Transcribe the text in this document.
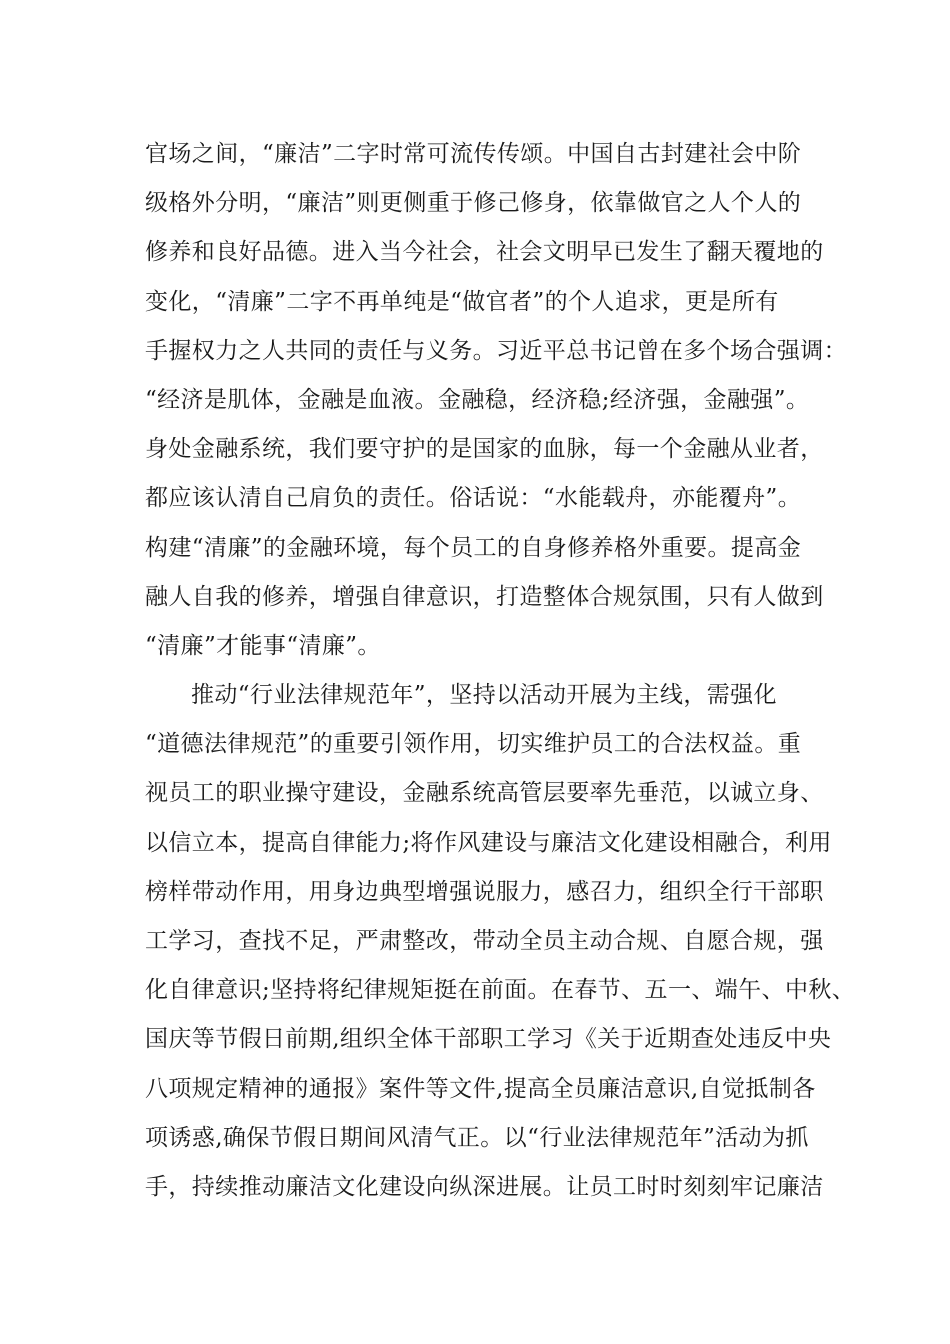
官场之间，“廉洁”二字时常可流传传颂。中国自古封建社会中阶
级格外分明，“廉洁”则更侧重于修己修身，依靠做官之人个人的
修养和良好品德。进入当今社会，社会文明早已发生了翻天覆地的
变化，“清廉”二字不再单纯是“做官者”的个人追求，更是所有
手握权力之人共同的责任与义务。习近平总书记曾在多个场合强调：
“经济是肌体，金融是血液。金融稳，经济稳;经济强，金融强”。
身处金融系统，我们要守护的是国家的血脉，每一个金融从业者，
都应该认清自己肩负的责任。俗话说：“水能载舟，亦能覆舟”。
构建“清廉”的金融环境，每个员工的自身修养格外重要。提高金
融人自我的修养，增强自律意识，打造整体合规氛围，只有人做到
“清廉”才能事“清廉”。
推动“行业法律规范年”，坚持以活动开展为主线，需强化
“道德法律规范”的重要引领作用，切实维护员工的合法权益。重
视员工的职业操守建设，金融系统高管层要率先垂范，以诚立身、
以信立本，提高自律能力;将作风建设与廉洁文化建设相融合，利用
榜样带动作用，用身边典型增强说服力，感召力，组织全行干部职
工学习，查找不足，严肃整改，带动全员主动合规、自愿合规，强
化自律意识;坚持将纪律规矩挺在前面。在春节、五一、端午、中秋、
国庆等节假日前期,组织全体干部职工学习《关于近期查处违反中央
八项规定精神的通报》案件等文件,提高全员廉洁意识,自觉抵制各
项诱惑,确保节假日期间风清气正。以“行业法律规范年”活动为抓
手，持续推动廉洁文化建设向纵深进展。让员工时时刻刻牢记廉洁
